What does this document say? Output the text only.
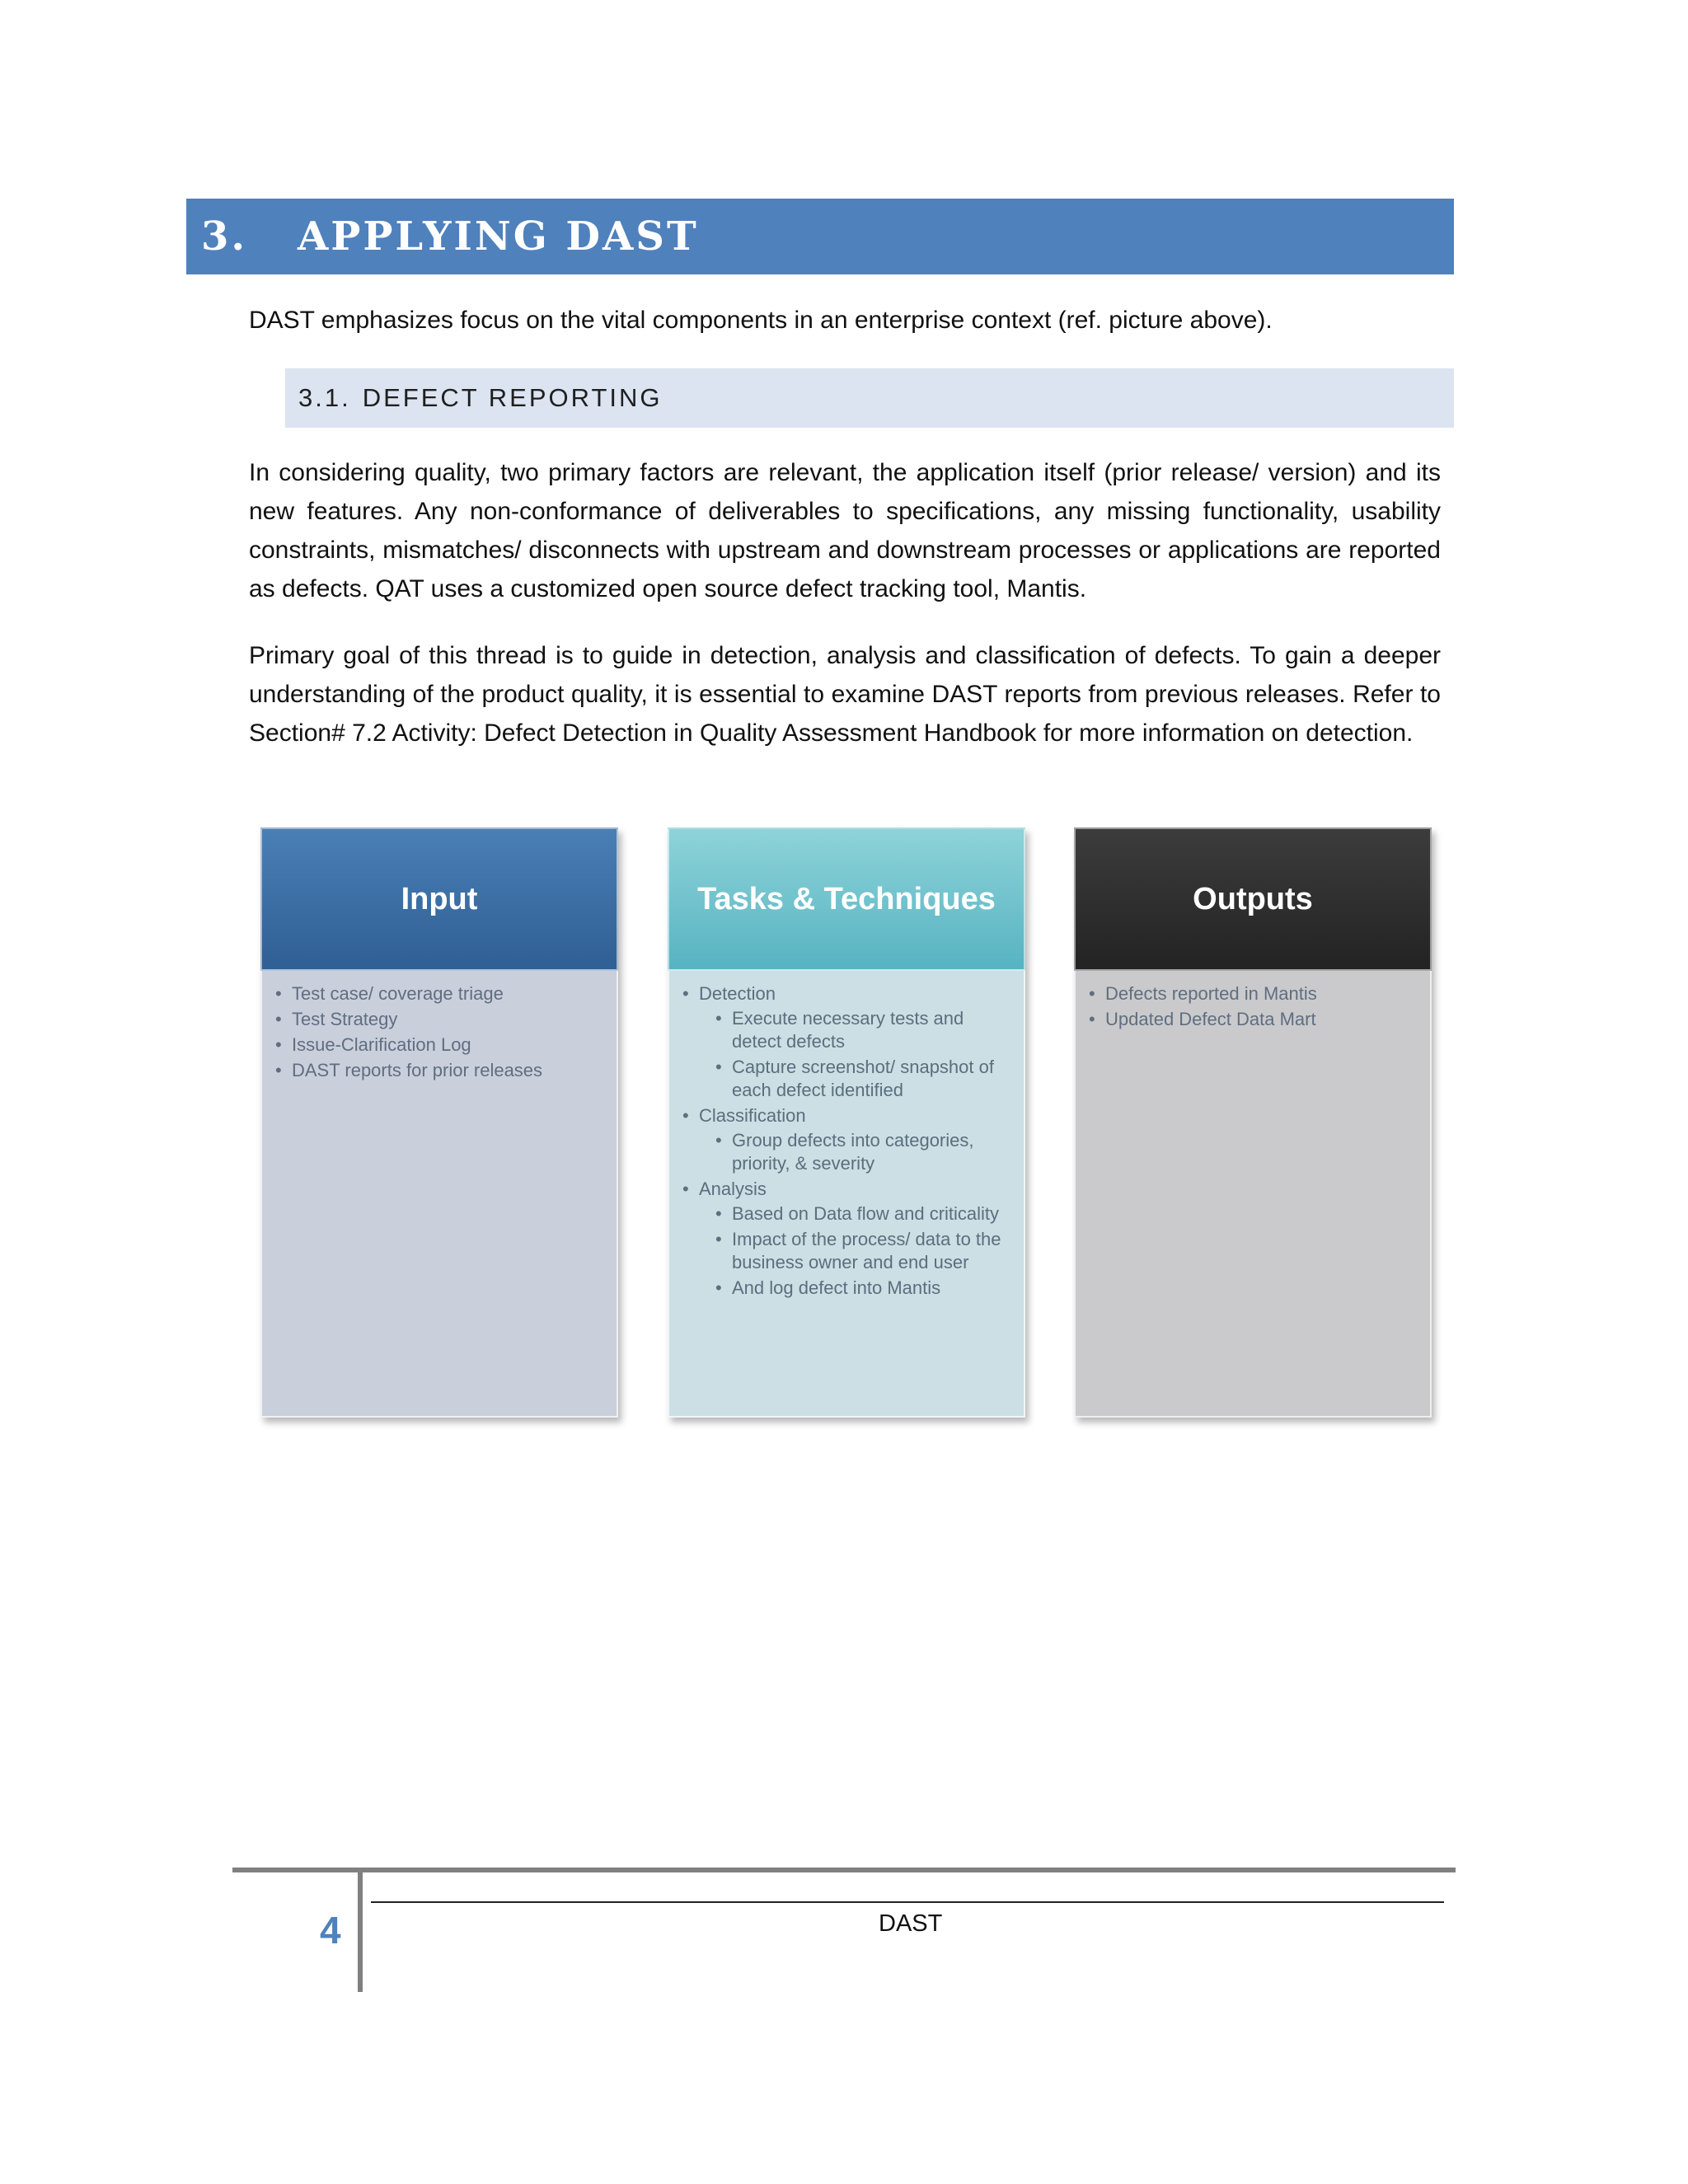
3. APPLYING DAST
DAST emphasizes focus on the vital components in an enterprise context (ref. picture above).
3.1. DEFECT REPORTING

In considering quality, two primary factors are relevant, the application itself (prior release/ version) and its new features. Any non-conformance of deliverables to specifications, any missing functionality, usability constraints, mismatches/ disconnects with upstream and downstream processes or applications are reported as defects. QAT uses a customized open source defect tracking tool, Mantis.

Primary goal of this thread is to guide in detection, analysis and classification of defects. To gain a deeper understanding of the product quality, it is essential to examine DAST reports from previous releases. Refer to Section# 7.2 Activity: Defect Detection in Quality Assessment Handbook for more information on detection.

Input
• Test case/ coverage triage
• Test Strategy
• Issue-Clarification Log
• DAST reports for prior releases
Tasks & Techniques
• Detection
• Execute necessary tests and detect defects
• Capture screenshot/ snapshot of each defect identified
• Classification
• Group defects into categories, priority, & severity
• Analysis
• Based on Data flow and criticality
• Impact of the process/ data to the business owner and end user
• And log defect into Mantis
Outputs
• Defects reported in Mantis
• Updated Defect Data Mart
4	DAST
